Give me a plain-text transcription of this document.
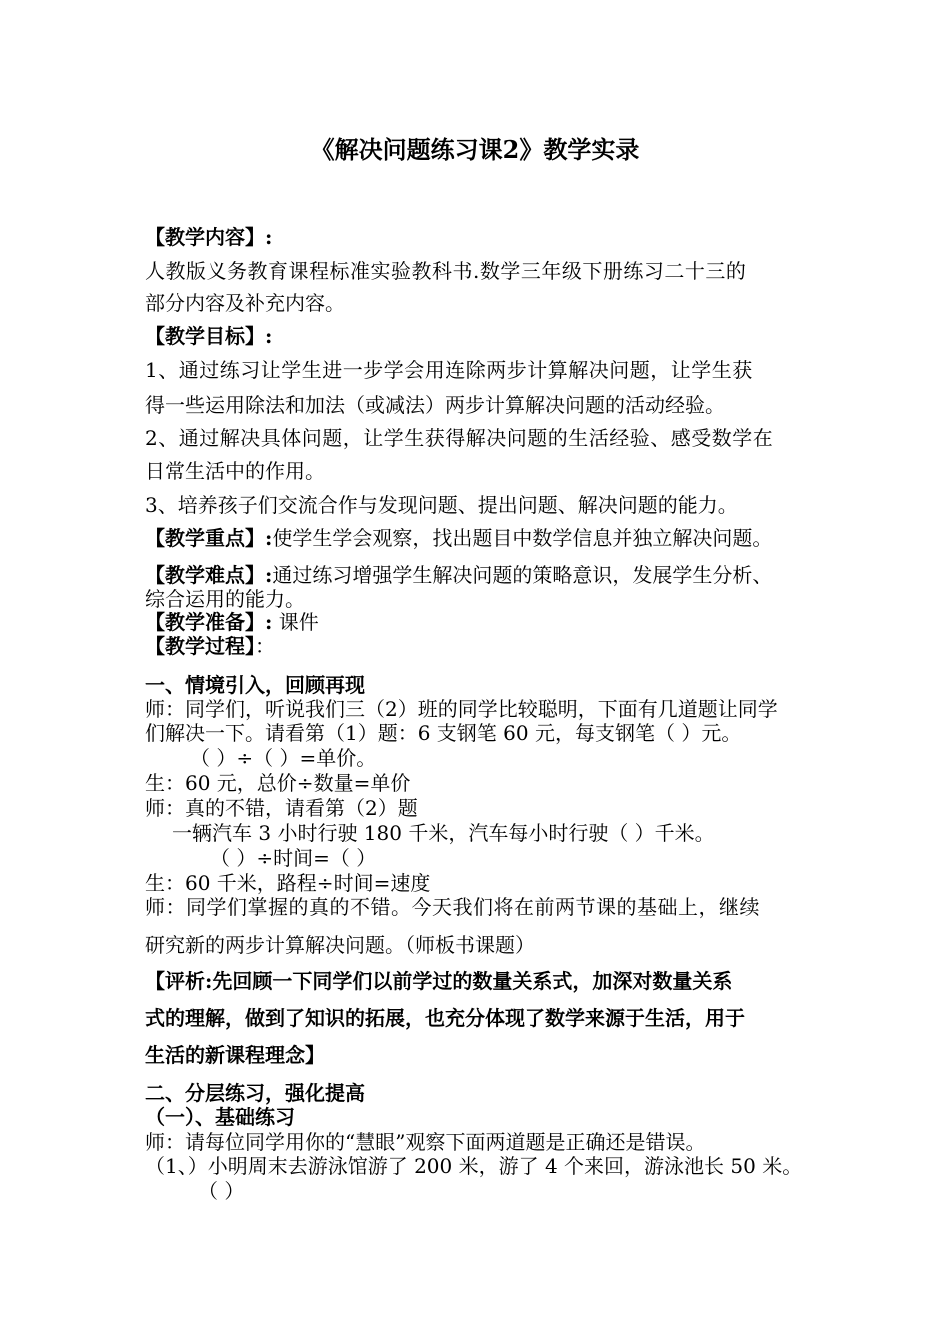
《解决问题练习课2》教学实录
【教学内容】:
人教版义务教育课程标准实验教科书.数学三年级下册练习二十三的
部分内容及补充内容。
【教学目标】:
1、通过练习让学生进一步学会用连除两步计算解决问题，让学生获
得一些运用除法和加法（或减法）两步计算解决问题的活动经验。
2、通过解决具体问题，让学生获得解决问题的生活经验、感受数学在
日常生活中的作用。
3、培养孩子们交流合作与发现问题、提出问题、解决问题的能力。
【教学重点】:使学生学会观察，找出题目中数学信息并独立解决问题。
【教学难点】:通过练习增强学生解决问题的策略意识，发展学生分析、
综合运用的能力。
【教学准备】: 课件
【教学过程】：
一、情境引入，回顾再现
师：同学们，听说我们三（2）班的同学比较聪明，下面有几道题让同学
们解决一下。请看第（1）题：6 支钢笔 60 元，每支钢笔（ ）元。
（ ）÷（ ）=单价。
生：60 元，总价÷数量=单价
师：真的不错，请看第（2）题
一辆汽车 3 小时行驶 180 千米，汽车每小时行驶（ ）千米。
（ ）÷时间=（ ）
生：60 千米，路程÷时间=速度
师：同学们掌握的真的不错。今天我们将在前两节课的基础上，继续
研究新的两步计算解决问题。（师板书课题）
【评析:先回顾一下同学们以前学过的数量关系式，加深对数量关系
式的理解，做到了知识的拓展，也充分体现了数学来源于生活，用于
生活的新课程理念】
二、分层练习，强化提高
（一）、基础练习
师：请每位同学用你的“慧眼”观察下面两道题是正确还是错误。
（1、）小明周末去游泳馆游了 200 米，游了 4 个来回，游泳池长 50 米。
（ ）
